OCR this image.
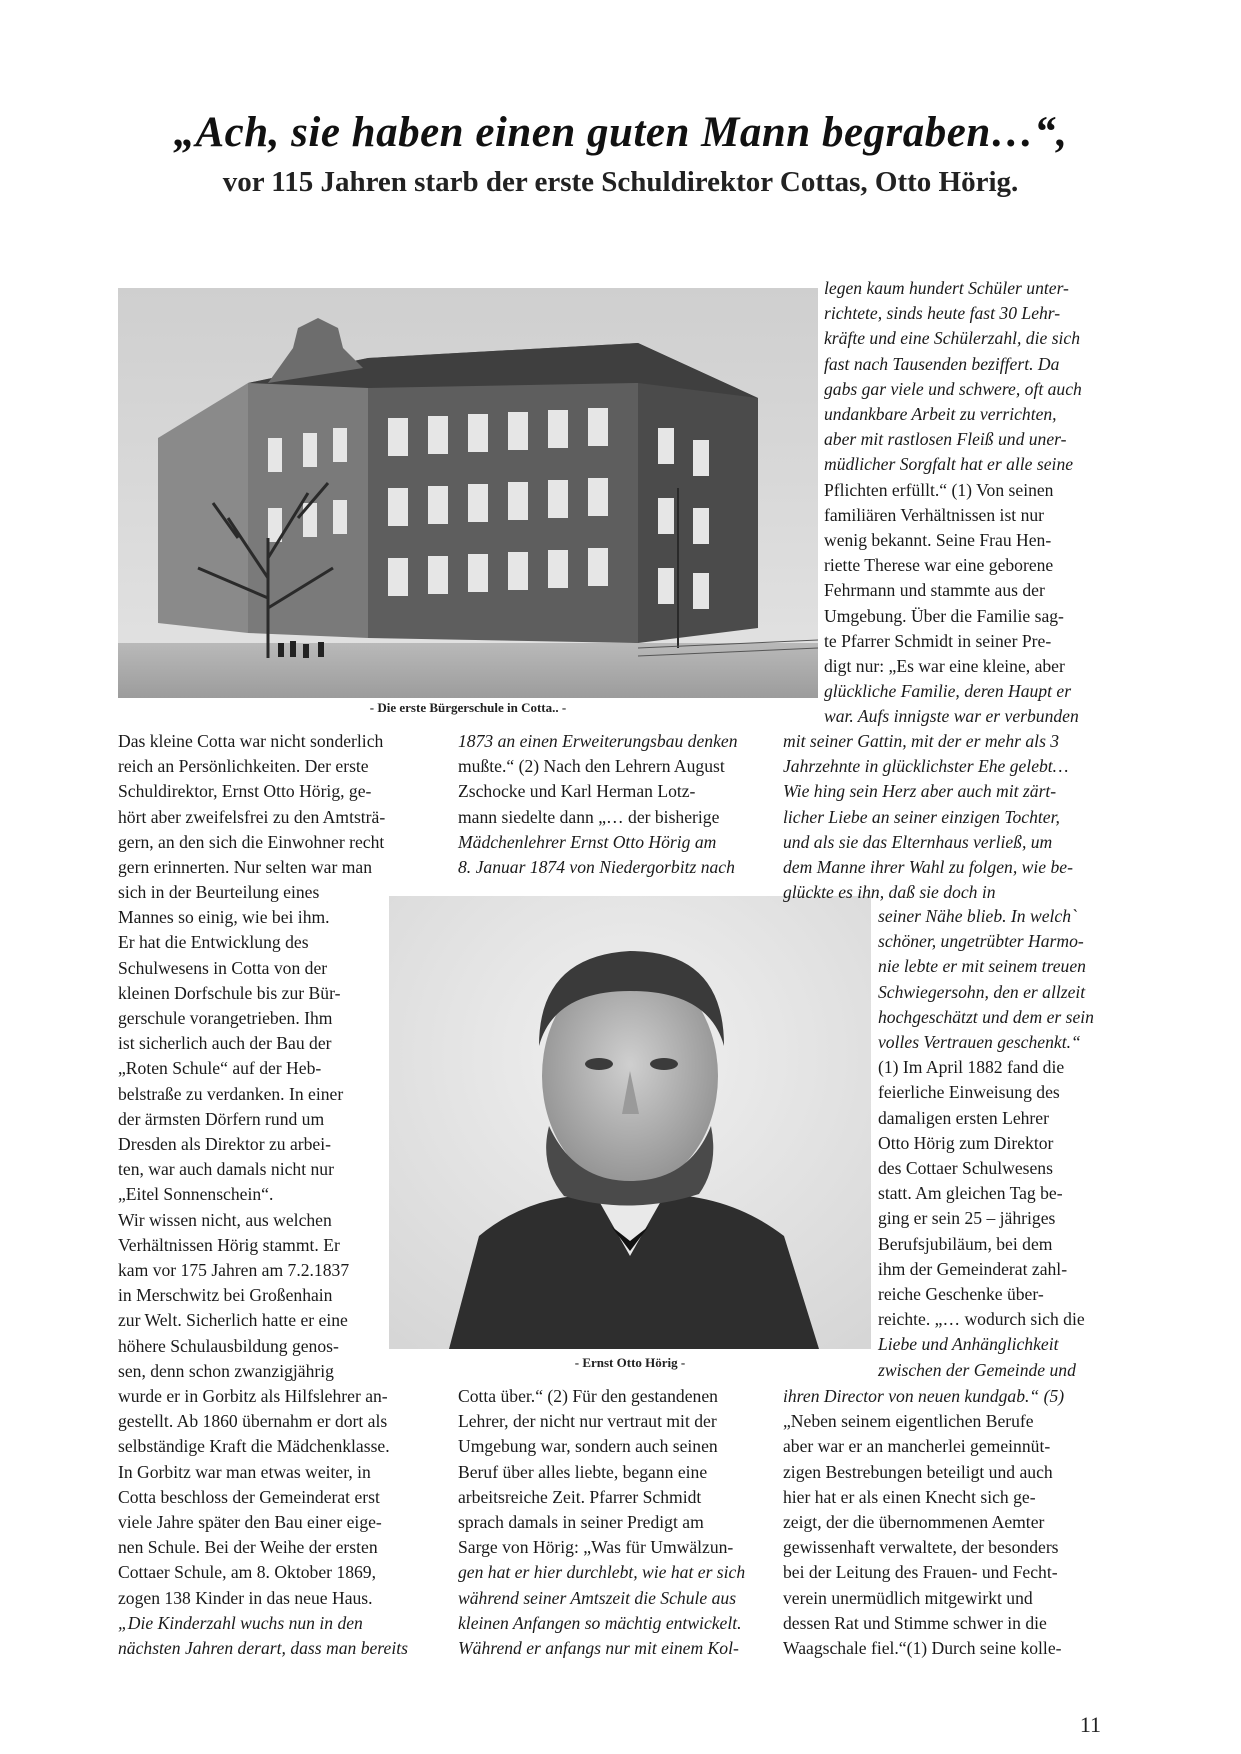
„Ach, sie haben einen guten Mann begraben…“,
vor 115 Jahren starb der erste Schuldirektor Cottas, Otto Hörig.
- Die erste Bürgerschule in Cotta.. -
- Ernst Otto Hörig -

legen kaum hundert Schüler unter-

richtete, sinds heute fast 30 Lehr-

kräfte und eine Schülerzahl, die sich

fast nach Tausenden beziffert. Da

gabs gar viele und schwere, oft auch

undankbare Arbeit zu verrichten,

aber mit rastlosen Fleiß und uner-

müdlicher Sorgfalt hat er alle seine

Pflichten erfüllt.“ (1) Von seinen

familiären Verhältnissen ist nur

wenig bekannt. Seine Frau Hen-

riette Therese war eine geborene

Fehrmann und stammte aus der

Umgebung. Über die Familie sag-

te Pfarrer Schmidt in seiner Pre-

digt nur: „Es war eine kleine, aber

glückliche Familie, deren Haupt er

war. Aufs innigste war er verbunden

mit seiner Gattin, mit der er mehr als 3

Jahrzehnte in glücklichster Ehe gelebt…

Wie hing sein Herz aber auch mit zärt-

licher Liebe an seiner einzigen Tochter,

und als sie das Elternhaus verließ, um

dem Manne ihrer Wahl zu folgen, wie be-

glückte es ihn, daß sie doch in

seiner Nähe blieb. In welch`

schöner, ungetrübter Harmo-

nie lebte er mit seinem treuen

Schwiegersohn, den er allzeit

hochgeschätzt und dem er sein

volles Vertrauen geschenkt.“

(1) Im April 1882 fand die

feierliche Einweisung des

damaligen ersten Lehrer

Otto Hörig zum Direktor

des Cottaer Schulwesens

statt. Am gleichen Tag be-

ging er sein 25 – jähriges

Berufsjubiläum, bei dem

ihm der Gemeinderat zahl-

reiche Geschenke über-

reichte. „… wodurch sich die

Liebe und Anhänglichkeit

zwischen der Gemeinde und

ihren Director von neuen kundgab.“ (5)

„Neben seinem eigentlichen Berufe

aber war er an mancherlei gemeinnüt-

zigen Bestrebungen beteiligt und auch

hier hat er als einen Knecht sich ge-

zeigt, der die übernommenen Aemter

gewissenhaft verwaltete, der besonders

bei der Leitung des Frauen- und Fecht-

verein unermüdlich mitgewirkt und

dessen Rat und Stimme schwer in die

Waagschale fiel.“(1) Durch seine kolle-

Das kleine Cotta war nicht sonderlich

reich an Persönlichkeiten. Der erste

Schuldirektor, Ernst Otto Hörig, ge-

hört aber zweifelsfrei zu den Amtsträ-

gern, an den sich die Einwohner recht

gern erinnerten. Nur selten war man

sich in der Beurteilung eines

Mannes so einig, wie bei ihm.

Er hat die Entwicklung des

Schulwesens in Cotta von der

kleinen Dorfschule bis zur Bür-

gerschule vorangetrieben. Ihm

ist sicherlich auch der Bau der

„Roten Schule“ auf der Heb-

belstraße zu verdanken. In einer

der ärmsten Dörfern rund um

Dresden als Direktor zu arbei-

ten, war auch damals nicht nur

„Eitel Sonnenschein“.

Wir wissen nicht, aus welchen

Verhältnissen Hörig stammt. Er

kam vor 175 Jahren am 7.2.1837

in Merschwitz bei Großenhain

zur Welt. Sicherlich hatte er eine

höhere Schulausbildung genos-

sen, denn schon zwanzigjährig

wurde er in Gorbitz als Hilfslehrer an-

gestellt. Ab 1860 übernahm er dort als

selbständige Kraft die Mädchenklasse.

In Gorbitz war man etwas weiter, in

Cotta beschloss der Gemeinderat erst

viele Jahre später den Bau einer eige-

nen Schule. Bei der Weihe der ersten

Cottaer Schule, am 8. Oktober 1869,

zogen 138 Kinder in das neue Haus.

„Die Kinderzahl wuchs nun in den

nächsten Jahren derart, dass man bereits

1873 an einen Erweiterungsbau denken

mußte.“ (2) Nach den Lehrern August

Zschocke und Karl Herman Lotz-

mann siedelte dann „… der bisherige

Mädchenlehrer Ernst Otto Hörig am

8. Januar 1874 von Niedergorbitz nach

Cotta über.“ (2) Für den gestandenen

Lehrer, der nicht nur vertraut mit der

Umgebung war, sondern auch seinen

Beruf über alles liebte, begann eine

arbeitsreiche Zeit. Pfarrer Schmidt

sprach damals in seiner Predigt am

Sarge von Hörig: „Was für Umwälzun-

gen hat er hier durchlebt, wie hat er sich

während seiner Amtszeit die Schule aus

kleinen Anfangen so mächtig entwickelt.

Während er anfangs nur mit einem Kol-

11
